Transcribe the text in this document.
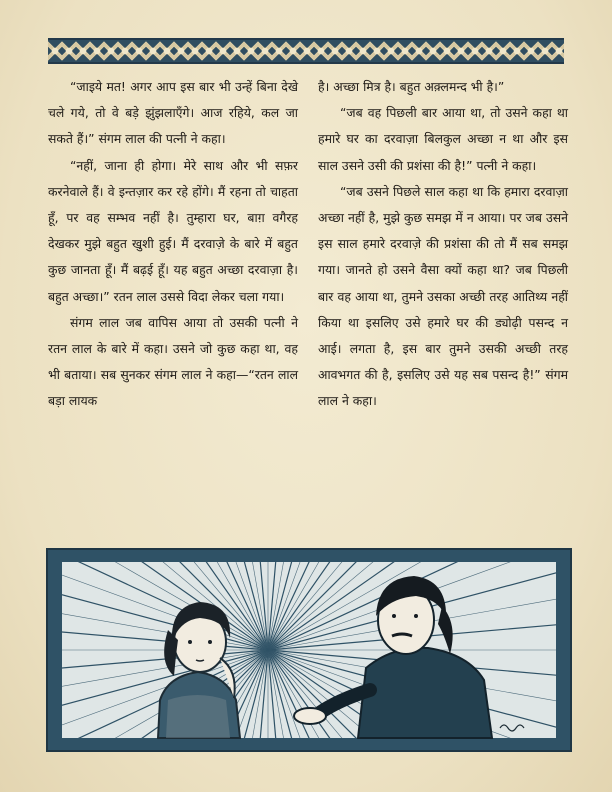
“जाइये मत! अगर आप इस बार भी उन्हें बिना देखे चले गये, तो वे बड़े झुंझलाएँगे। आज रहिये, कल जा सकते हैं।” संगम लाल की पत्नी ने कहा।

“नहीं, जाना ही होगा। मेरे साथ और भी सफ़र करनेवाले हैं। वे इन्तज़ार कर रहे होंगे। मैं रहना तो चाहता हूँ, पर वह सम्भव नहीं है। तुम्हारा घर, बाग़ वगैरह देखकर मुझे बहुत खुशी हुई। मैं दरवाज़े के बारे में बहुत कुछ जानता हूँ। मैं बढ़ई हूँ। यह बहुत अच्छा दरवाज़ा है। बहुत अच्छा।” रतन लाल उससे विदा लेकर चला गया।

संगम लाल जब वापिस आया तो उसकी पत्नी ने रतन लाल के बारे में कहा। उसने जो कुछ कहा था, वह भी बताया। सब सुनकर संगम लाल ने कहा—“रतन लाल बड़ा लायक

है। अच्छा मित्र है। बहुत अक़्लमन्द भी है।”

“जब वह पिछली बार आया था, तो उसने कहा था हमारे घर का दरवाज़ा बिलकुल अच्छा न था और इस साल उसने उसी की प्रशंसा की है!” पत्नी ने कहा।

“जब उसने पिछले साल कहा था कि हमारा दरवाज़ा अच्छा नहीं है, मुझे कुछ समझ में न आया। पर जब उसने इस साल हमारे दरवाज़े की प्रशंसा की तो मैं सब समझ गया। जानते हो उसने वैसा क्यों कहा था? जब पिछली बार वह आया था, तुमने उसका अच्छी तरह आतिथ्य नहीं किया था इसलिए उसे हमारे घर की ड्योढ़ी पसन्द न आई। लगता है, इस बार तुमने उसकी अच्छी तरह आवभगत की है, इसलिए उसे यह सब पसन्द है!” संगम लाल ने कहा।
